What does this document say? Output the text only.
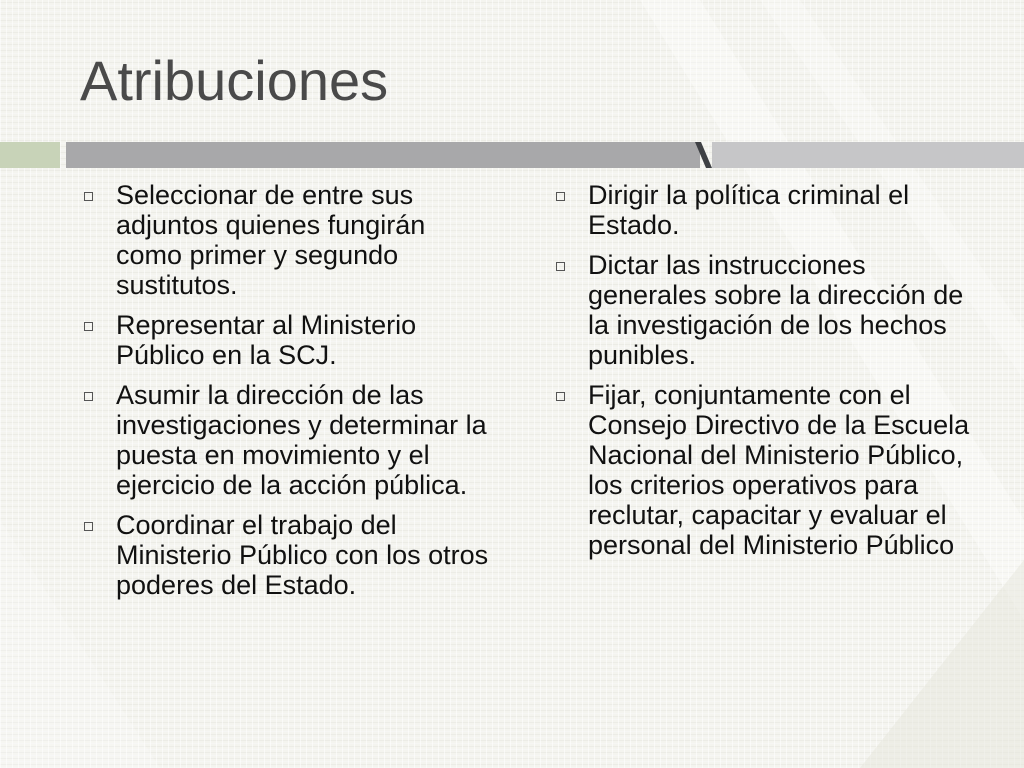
Atribuciones
Seleccionar de entre sus adjuntos quienes fungirán como primer y segundo sustitutos.
Representar al Ministerio Público en la SCJ.
Asumir la dirección de las investigaciones y determinar la puesta en movimiento y el ejercicio de la acción pública.
Coordinar el trabajo del Ministerio Público con los otros poderes del Estado.
Dirigir la política criminal el Estado.
Dictar las instrucciones generales sobre la dirección de la investigación de los hechos punibles.
Fijar, conjuntamente con el Consejo Directivo de la Escuela Nacional del Ministerio Público, los criterios operativos para reclutar, capacitar y evaluar el personal del Ministerio Público
